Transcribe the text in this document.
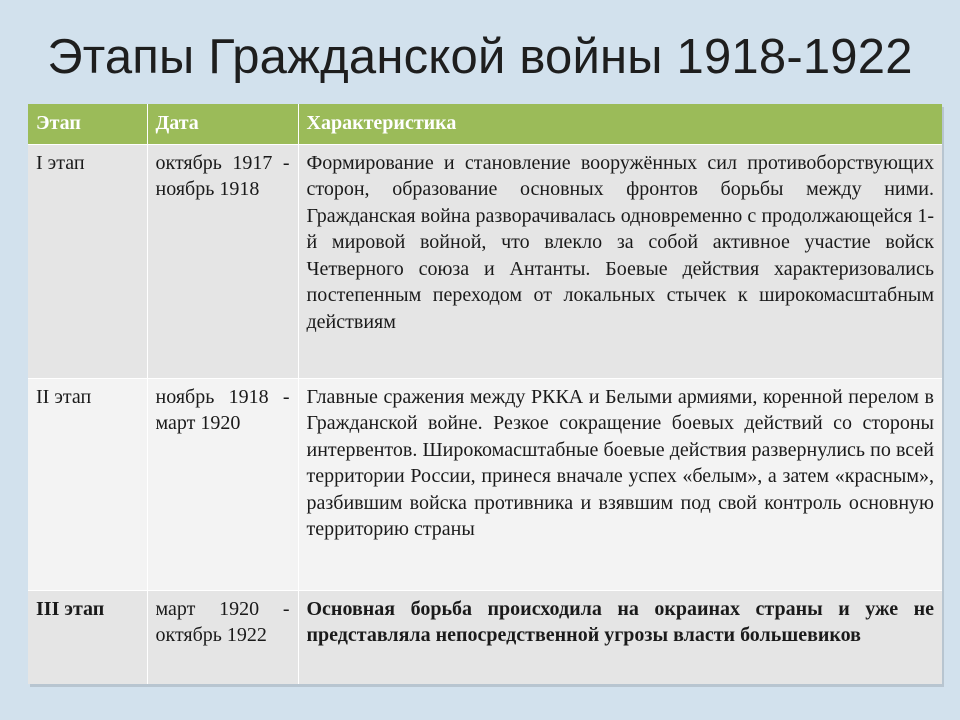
Этапы Гражданской войны 1918-1922
Этап	Дата	Характеристика
I этап	октябрь 1917 - ноябрь 1918	Формирование и становление вооружённых сил противоборствующих сторон, образование основных фронтов борьбы между ними. Гражданская война разворачивалась одновременно с продолжающейся 1-й мировой войной, что влекло за собой активное участие войск Четверного союза и Антанты. Боевые действия характеризовались постепенным переходом от локальных стычек к широкомасштабным действиям
II этап	ноябрь 1918 - март 1920	Главные сражения между РККА и Белыми армиями, коренной перелом в Гражданской войне. Резкое сокращение боевых действий со стороны интервентов. Широкомасштабные боевые действия развернулись по всей территории России, принеся вначале успех «белым», а затем «красным», разбившим войска противника и взявшим под свой контроль основную территорию страны
III этап	март 1920 - октябрь 1922	Основная борьба происходила на окраинах страны и уже не представляла непосредственной угрозы власти большевиков
